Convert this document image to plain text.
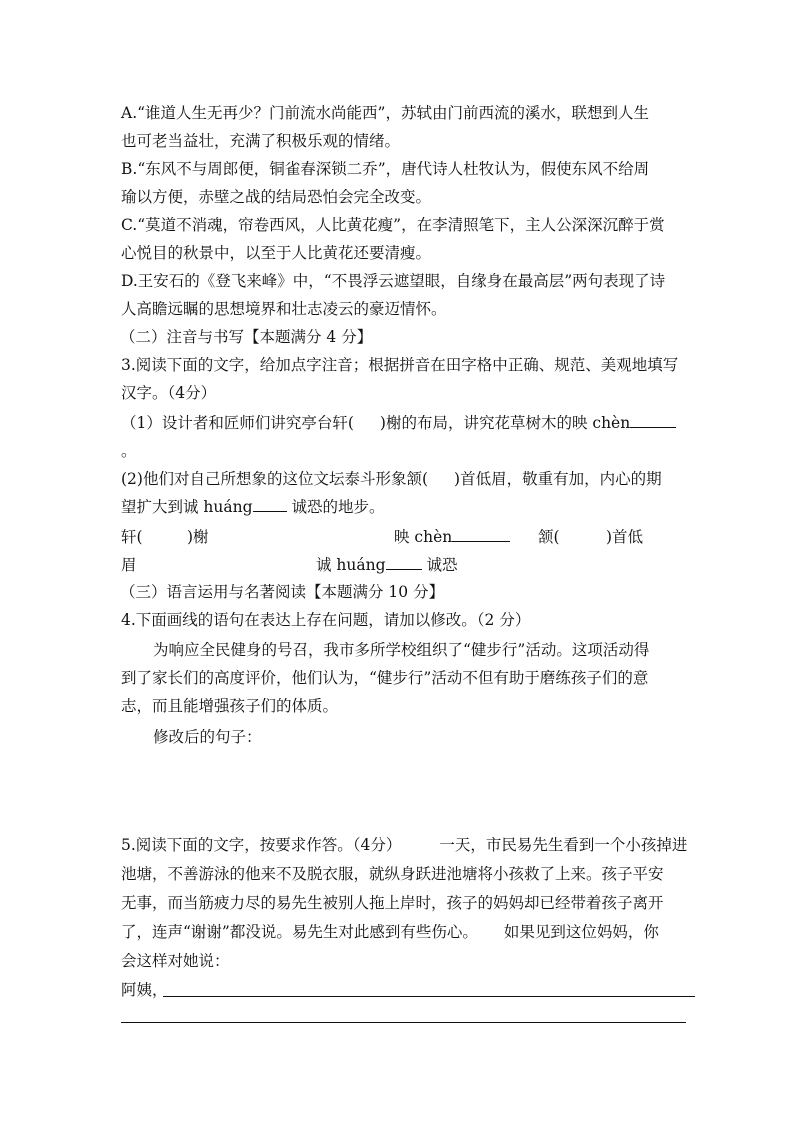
A.“谁道人生无再少？门前流水尚能西”，苏轼由门前西流的溪水，联想到人生
也可老当益壮，充满了积极乐观的情绪。
B.“东风不与周郎便，铜雀春深锁二乔”，唐代诗人杜牧认为，假使东风不给周
瑜以方便，赤壁之战的结局恐怕会完全改变。
C.“莫道不消魂，帘卷西风，人比黄花瘦”，在李清照笔下，主人公深深沉醉于赏
心悦目的秋景中，以至于人比黄花还要清瘦。
D.王安石的《登飞来峰》中，“不畏浮云遮望眼，自缘身在最高层”两句表现了诗
人高瞻远瞩的思想境界和壮志凌云的豪迈情怀。
（二）注音与书写【本题满分 4 分】
3.阅读下面的文字，给加点字注音；根据拼音在田字格中正确、规范、美观地填写
汉字。（4分）
（1）设计者和匠师们讲究亭台轩( )榭的布局，讲究花草树木的映 chèn
。
(2)他们对自己所想象的这位文坛泰斗形象颔( )首低眉，敬重有加，内心的期
望扩大到诚 huáng	诚恐的地步。
轩(	)榭	映 chèn	颔(	)首低
眉	诚 huáng	诚恐
（三）语言运用与名著阅读【本题满分 10 分】
4.下面画线的语句在表达上存在问题，请加以修改。（2 分）
为响应全民健身的号召，我市多所学校组织了“健步行”活动。这项活动得
到了家长们的高度评价，他们认为，“健步行”活动不但有助于磨练孩子们的意
志，而且能增强孩子们的体质。
修改后的句子：
5.阅读下面的文字，按要求作答。（4分） 一天，市民易先生看到一个小孩掉进
池塘，不善游泳的他来不及脱衣服，就纵身跃进池塘将小孩救了上来。孩子平安
无事，而当筋疲力尽的易先生被别人拖上岸时，孩子的妈妈却已经带着孩子离开
了，连声“谢谢”都没说。易先生对此感到有些伤心。 如果见到这位妈妈，你
会这样对她说：
阿姨，
